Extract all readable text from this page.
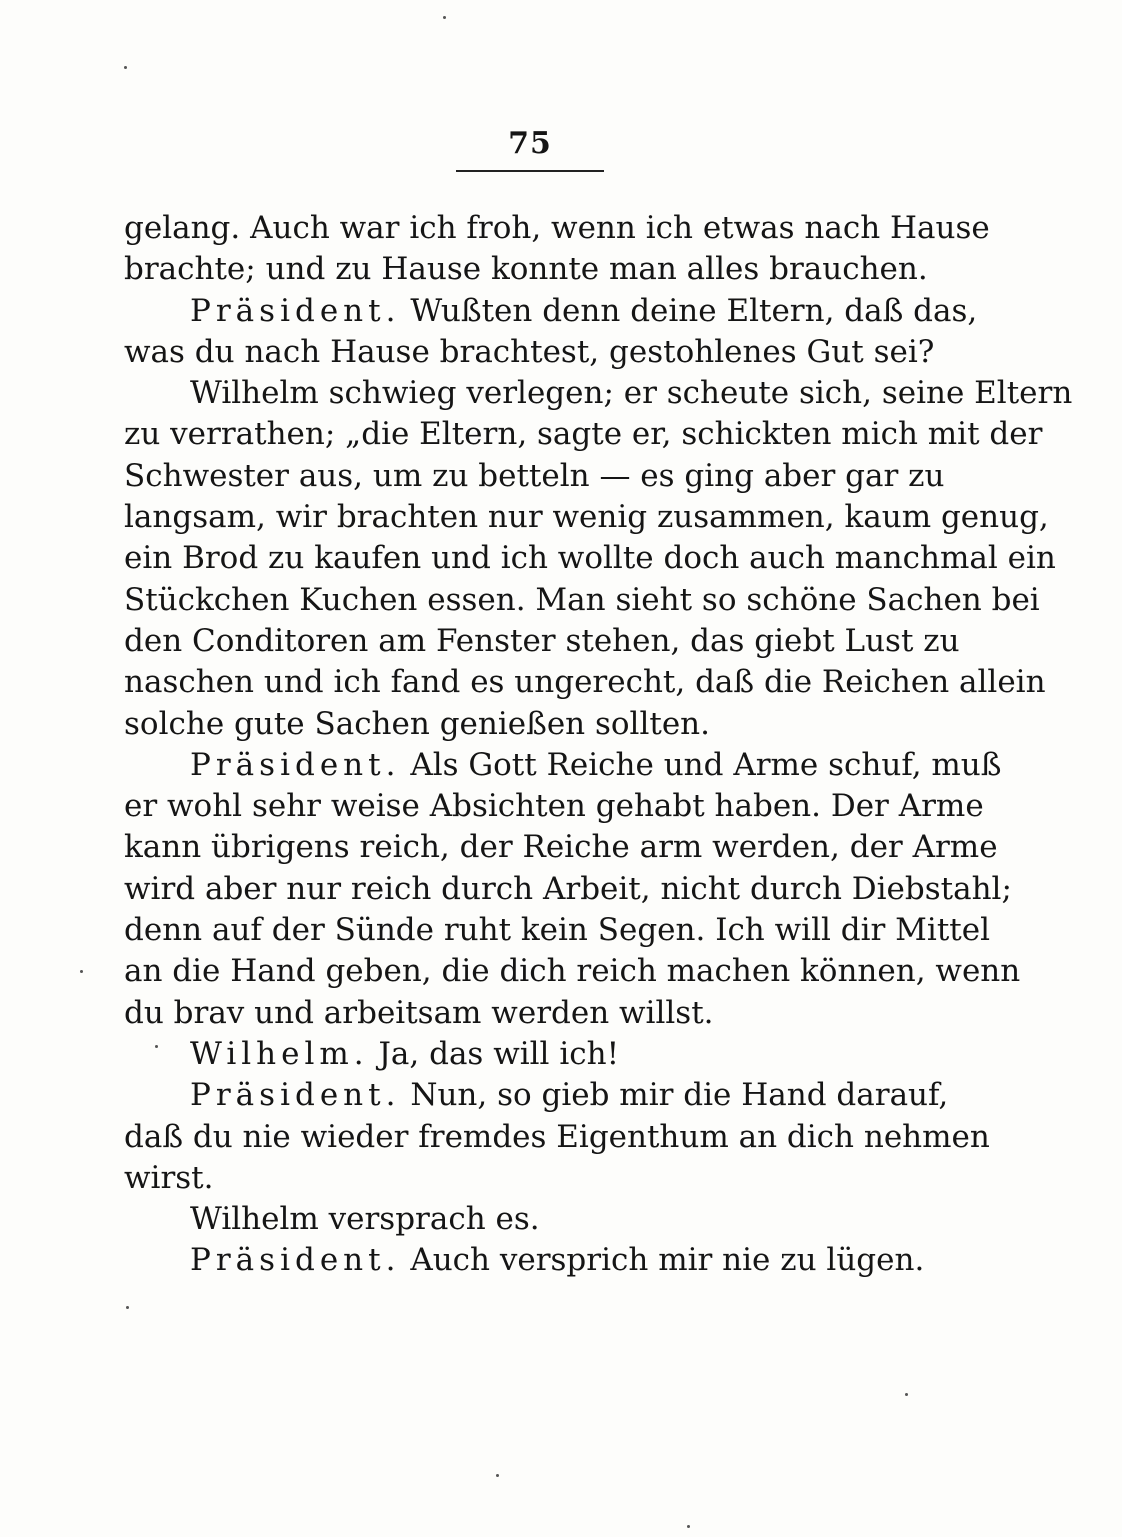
75
gelang. Auch war ich froh, wenn ich etwas nach Hause
brachte; und zu Hause konnte man alles brauchen.
Präsident. Wußten denn deine Eltern, daß das,
was du nach Hause brachtest, gestohlenes Gut sei?
Wilhelm schwieg verlegen; er scheute sich, seine Eltern
zu verrathen; „die Eltern, sagte er, schickten mich mit der
Schwester aus, um zu betteln — es ging aber gar zu
langsam, wir brachten nur wenig zusammen, kaum genug,
ein Brod zu kaufen und ich wollte doch auch manchmal ein
Stückchen Kuchen essen. Man sieht so schöne Sachen bei
den Conditoren am Fenster stehen, das giebt Lust zu
naschen und ich fand es ungerecht, daß die Reichen allein
solche gute Sachen genießen sollten.
Präsident. Als Gott Reiche und Arme schuf, muß
er wohl sehr weise Absichten gehabt haben. Der Arme
kann übrigens reich, der Reiche arm werden, der Arme
wird aber nur reich durch Arbeit, nicht durch Diebstahl;
denn auf der Sünde ruht kein Segen. Ich will dir Mittel
an die Hand geben, die dich reich machen können, wenn
du brav und arbeitsam werden willst.
Wilhelm. Ja, das will ich!
Präsident. Nun, so gieb mir die Hand darauf,
daß du nie wieder fremdes Eigenthum an dich nehmen
wirst.
Wilhelm versprach es.
Präsident. Auch versprich mir nie zu lügen.
